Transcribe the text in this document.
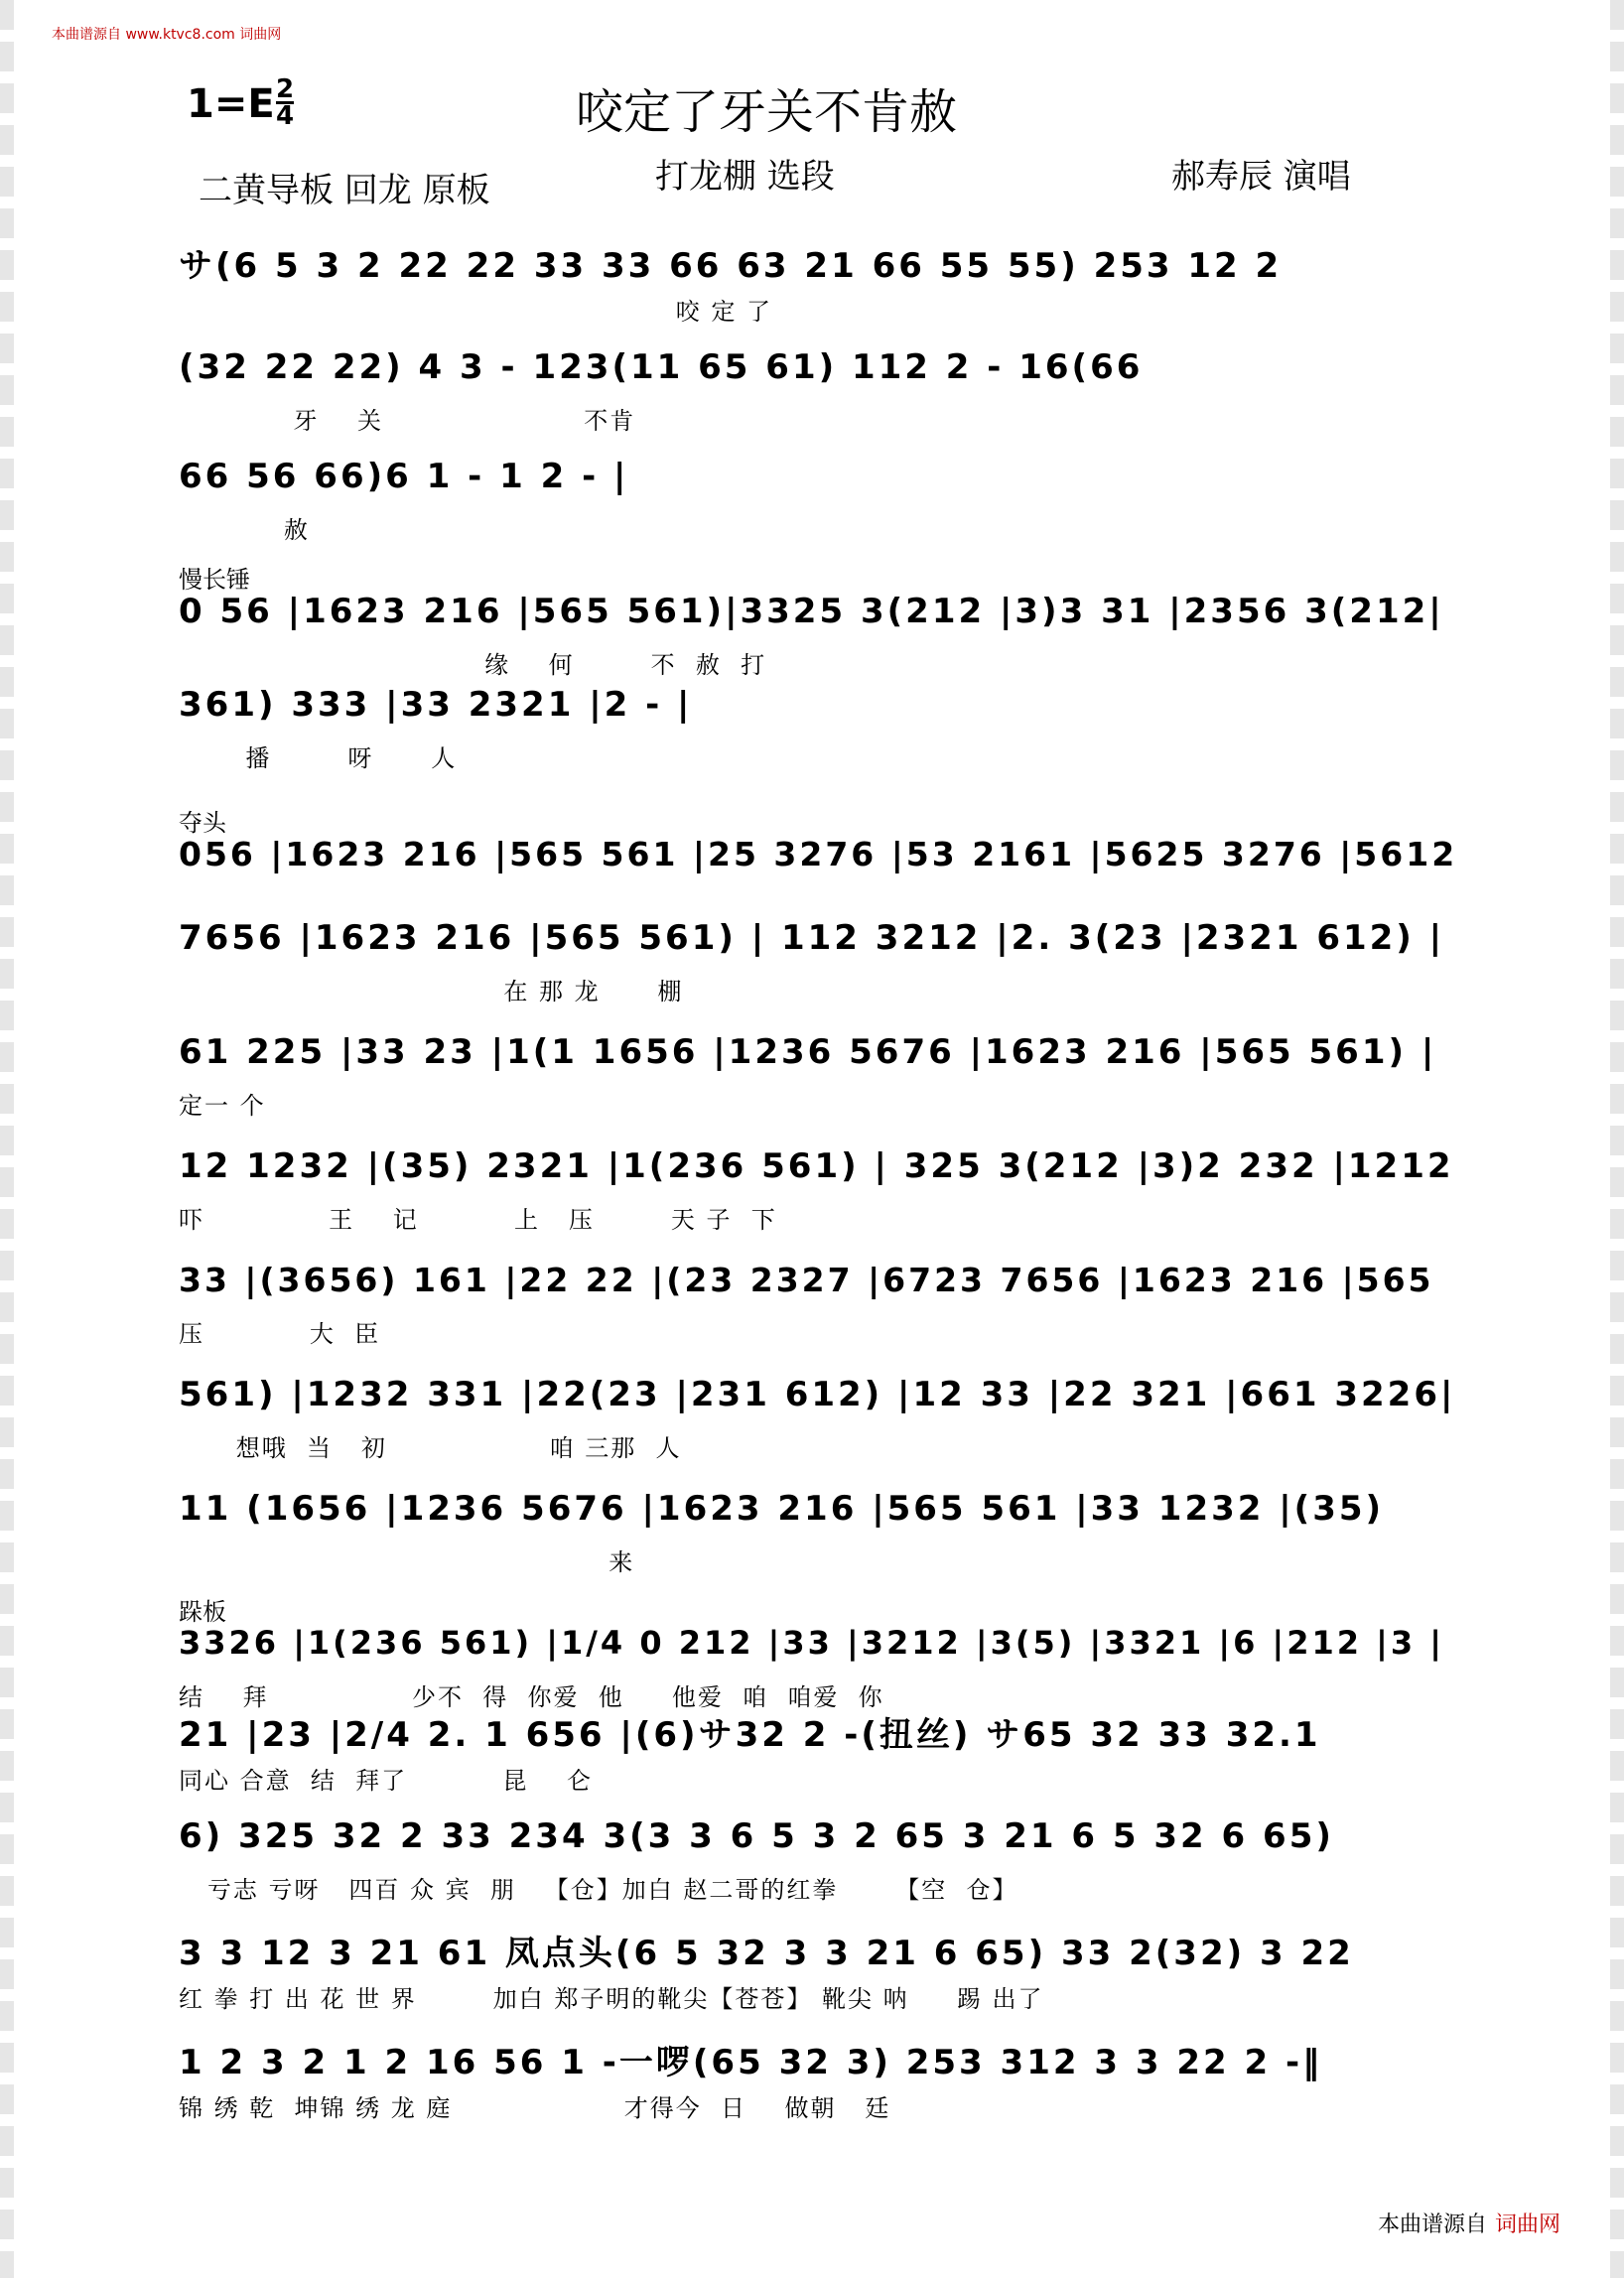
本曲谱源自 www.ktvc8.com 词曲网
$1=E \frac{2}{4}$	咬定了牙关不肯赦
二黄导板 回龙 原板	打龙棚 选段	郝寿辰 演唱
サ(6 5 3 2 22 22 33 33 66 63 21 66 55 55) 253 12 2
咬 定 了
(32 22 22) 4 3 - 123(11 65 61) 112 2 - 16(66
牙    关                     不肯
66 56 66)6 1 - 1 2 - |
赦
慢长锤
0 56 |1623 216 |565 561)|3325 3(212 |3)3 31 |2356 3(212|
缘    何        不  赦  打
361) 333 |33 2321 |2 - |
播        呀      人
夺头
056 |1623 216 |565 561 |25 3276 |53 2161 |5625 3276 |5612
7656 |1623 216 |565 561) | 112 3212 |2. 3(23 |2321 612) |
在 那 龙      棚
61 225 |33 23 |1(1 1656 |1236 5676 |1623 216 |565 561) |
定一 个
12 1232 |(35) 2321 |1(236 561) | 325 3(212 |3)2 232 |1212
吓             王    记          上   压        天 子  下
33 |(3656) 161 |22 22 |(23 2327 |6723 7656 |1623 216 |565
压           大  臣
561) |1232 331 |22(23 |231 612) |12 33 |22 321 |661 3226|
想哦  当   初                 咱 三那  人
11 (1656 |1236 5676 |1623 216 |565 561 |33 1232 |(35)
来
跺板
3326 |1(236 561) |1/4 0 212 |33 |3212 |3(5) |3321 |6 |212 |3 |
结    拜               少不  得  你爱  他     他爱  咱  咱爱  你
21 |23 |2/4 2. 1 656 |(6)サ32 2 -(扭丝) サ65 32 33 32.1
同心 合意  结  拜了          昆    仑
6) 325 32 2 33 234 3(3 3 6 5 3 2 65 3 21 6 5 32 6 65)
亏志 亏呀   四百 众 宾  朋   【仓】加白 赵二哥的红拳      【空  仓】
3 3 12 3 21 61 凤点头(6 5 32 3 3 21 6 65) 33 2(32) 3 22
红 拳 打 出 花 世 界        加白 郑子明的靴尖【苍苍】 靴尖 呐     踢 出了
1 2 3 2 1 2 16 56 1 -一啰(65 32 3) 253 312 3 3 22 2 -‖
锦 绣 乾  坤锦 绣 龙 庭                  才得今  日    做朝   廷
本曲谱源自 词曲网
